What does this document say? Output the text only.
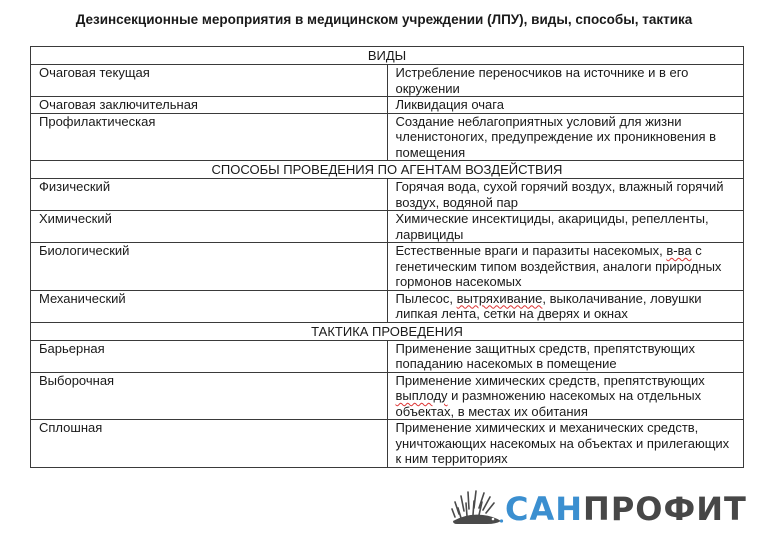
Дезинсекционные мероприятия в медицинском учреждении (ЛПУ), виды, способы, тактика
ВИДЫ	
Очаговая текущая	Истребление переносчиков на источнике и в его окружении
Очаговая заключительная	Ликвидация очага
Профилактическая	Создание неблагоприятных условий для жизни членистоногих, предупреждение их проникновения в помещения
СПОСОБЫ ПРОВЕДЕНИЯ ПО АГЕНТАМ ВОЗДЕЙСТВИЯ	
Физический	Горячая вода, сухой горячий воздух, влажный горячий воздух, водяной пар
Химический	Химические инсектициды, акарициды, репелленты, ларвициды
Биологический	Естественные враги и паразиты насекомых, в-ва с генетическим типом воздействия, аналоги природных гормонов насекомых
Механический	Пылесос, вытряхивание, выколачивание, ловушки липкая лента, сетки на дверях и окнах
ТАКТИКА ПРОВЕДЕНИЯ	
Барьерная	Применение защитных средств, препятствующих попаданию насекомых в помещение
Выборочная	Применение химических средств, препятствующих выплоду и размножению насекомых на отдельных объектах, в местах их обитания
Сплошная	Применение химических и механических средств, уничтожающих насекомых на объектах и прилегающих к ним территориях
САНПРОФИТ
